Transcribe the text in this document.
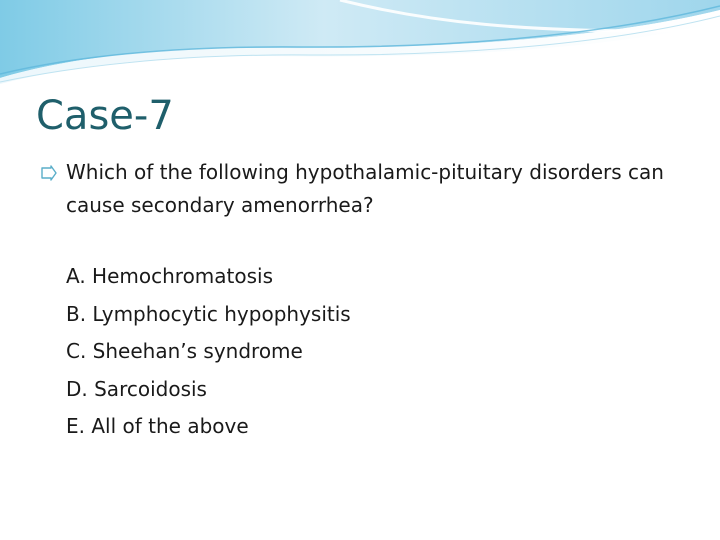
Case-7
Which of the following hypothalamic-pituitary disorders can cause secondary amenorrhea?
A. Hemochromatosis
B. Lymphocytic hypophysitis
C. Sheehan’s syndrome
D. Sarcoidosis
E. All of the above
